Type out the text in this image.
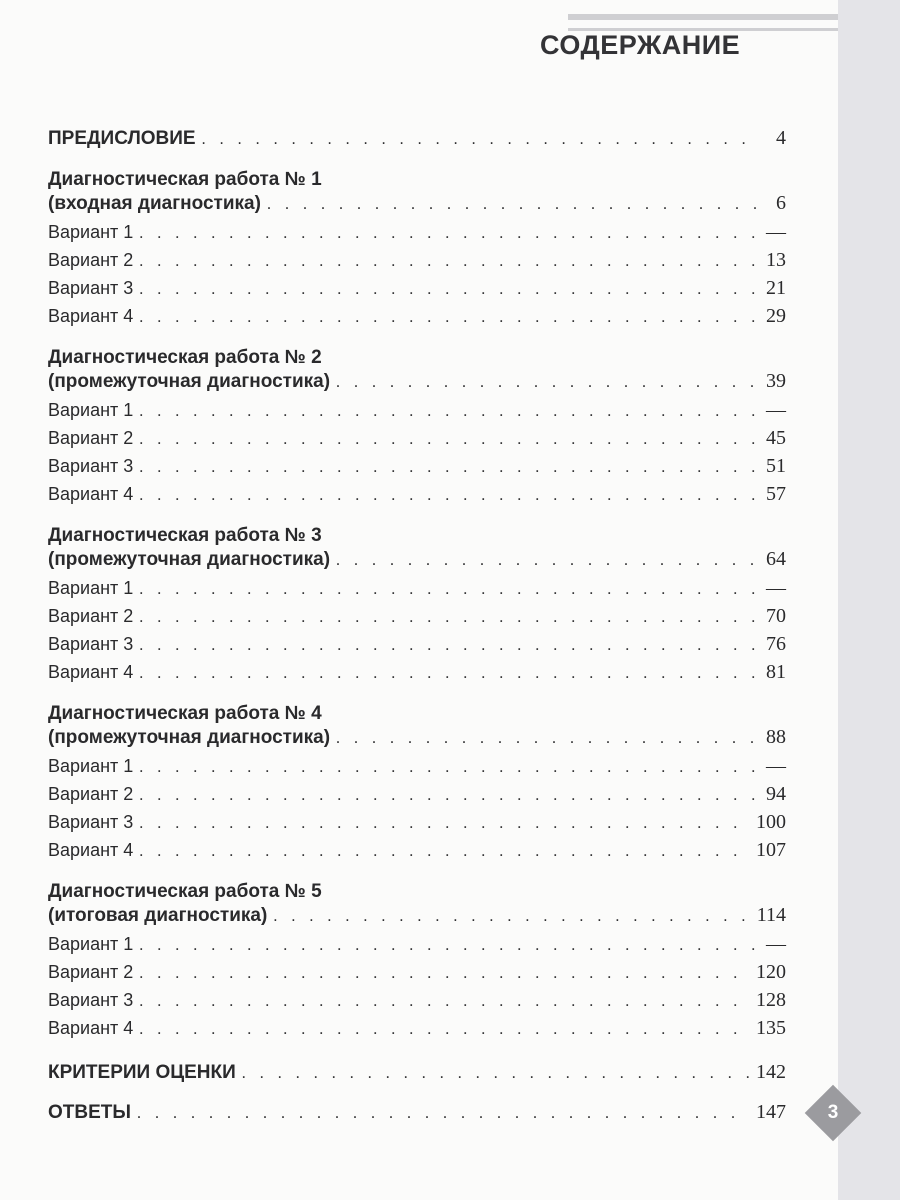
СОДЕРЖАНИЕ
ПРЕДИСЛОВИЕ . . .	4
Диагностическая работа № 1
(входная диагностика) . . .	6
Вариант 1 . . .	—
Вариант 2 . . .	13
Вариант 3 . . .	21
Вариант 4 . . .	29
Диагностическая работа № 2
(промежуточная диагностика) . . .	39
Вариант 1 . . .	—
Вариант 2 . . .	45
Вариант 3 . . .	51
Вариант 4 . . .	57
Диагностическая работа № 3
(промежуточная диагностика) . . .	64
Вариант 1 . . .	—
Вариант 2 . . .	70
Вариант 3 . . .	76
Вариант 4 . . .	81
Диагностическая работа № 4
(промежуточная диагностика) . . .	88
Вариант 1 . . .	—
Вариант 2 . . .	94
Вариант 3 . . .	100
Вариант 4 . . .	107
Диагностическая работа № 5
(итоговая диагностика) . . .	114
Вариант 1 . . .	—
Вариант 2 . . .	120
Вариант 3 . . .	128
Вариант 4 . . .	135
КРИТЕРИИ ОЦЕНКИ . . .	142
ОТВЕТЫ . . .	147	3
